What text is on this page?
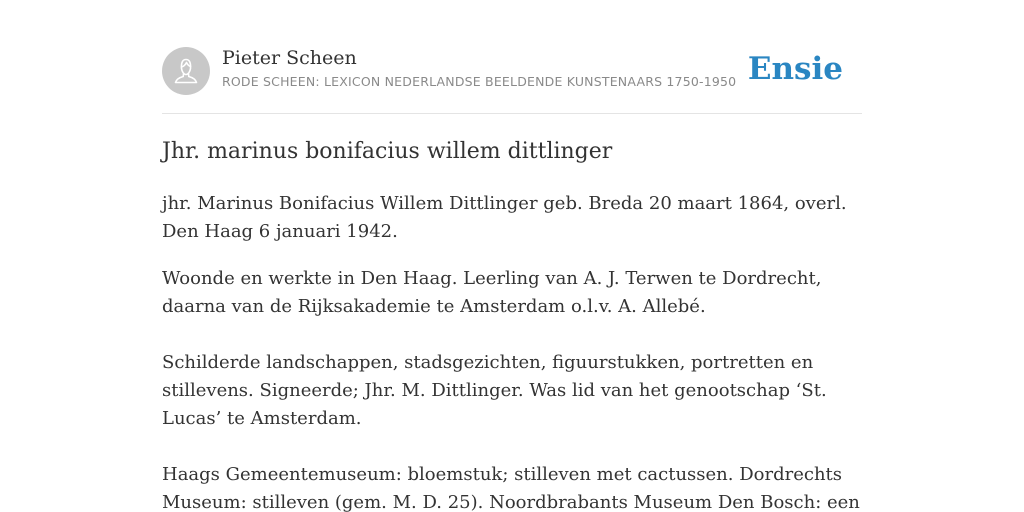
Pieter Scheen
RODE SCHEEN: LEXICON NEDERLANDSE BEELDENDE KUNSTENAARS 1750-1950 Ensie
Jhr. marinus bonifacius willem dittlinger

jhr. Marinus Bonifacius Willem Dittlinger geb. Breda 20 maart 1864, overl. Den Haag 6 januari 1942.

Woonde en werkte in Den Haag. Leerling van A. J. Terwen te Dordrecht, daarna van de Rijksakademie te Amsterdam o.l.v. A. Allebé.

Schilderde landschappen, stadsgezichten, figuurstukken, portretten en stillevens. Signeerde; Jhr. M. Dittlinger. Was lid van het genootschap ‘St. Lucas’ te Amsterdam.

Haags Gemeentemuseum: bloemstuk; stilleven met cactussen. Dordrechts Museum: stilleven (gem. M. D. 25). Noordbrabants Museum Den Bosch: een
